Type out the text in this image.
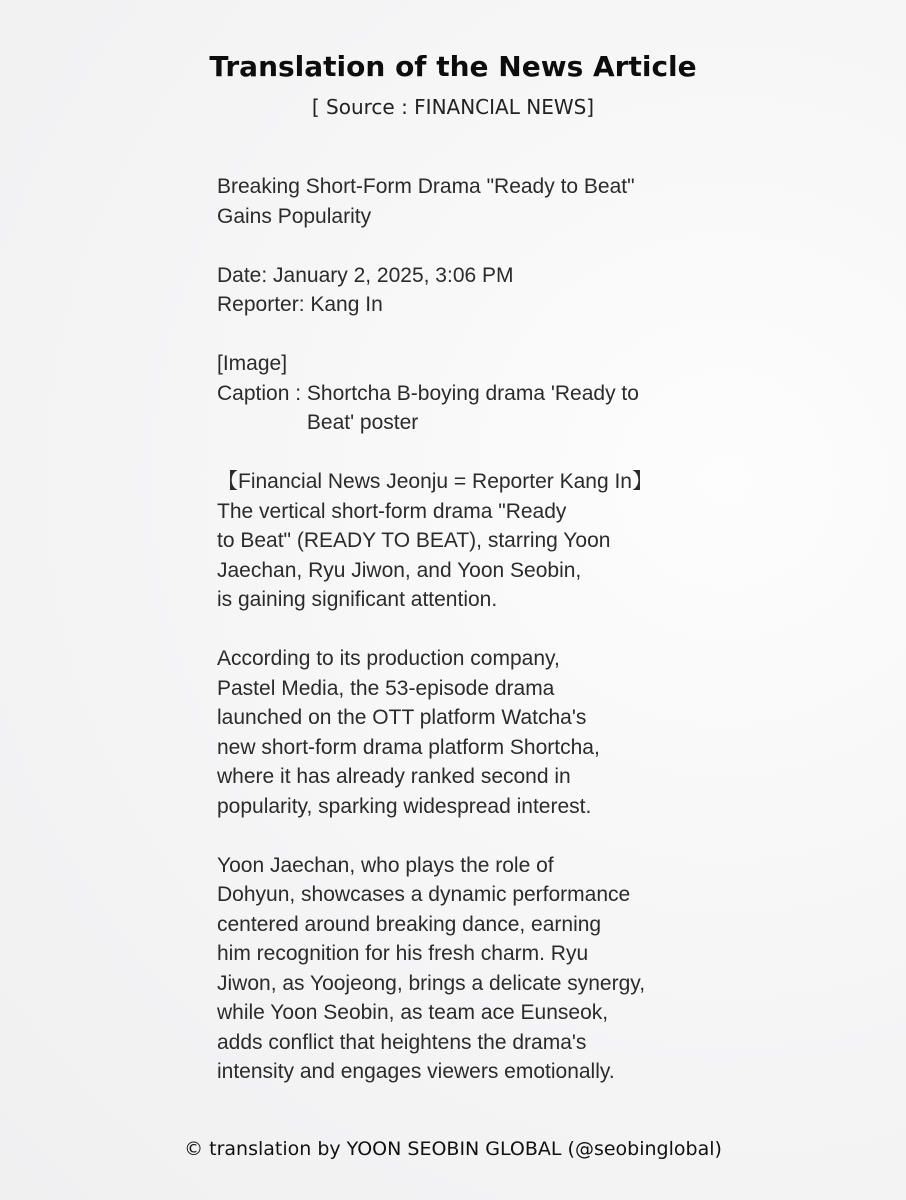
Translation of the News Article
[ Source : FINANCIAL NEWS]

Breaking Short-Form Drama "Ready to Beat"
Gains Popularity

Date: January 2, 2025, 3:06 PM
Reporter: Kang In

[Image]

Caption : Shortcha B-boying drama 'Ready to
Beat' poster

【Financial News Jeonju = Reporter Kang In】
The vertical short-form drama "Ready
to Beat" (READY TO BEAT), starring Yoon
Jaechan, Ryu Jiwon, and Yoon Seobin,
is gaining significant attention.

According to its production company,
Pastel Media, the 53-episode drama
launched on the OTT platform Watcha's
new short-form drama platform Shortcha,
where it has already ranked second in
popularity, sparking widespread interest.

Yoon Jaechan, who plays the role of
Dohyun, showcases a dynamic performance
centered around breaking dance, earning
him recognition for his fresh charm. Ryu
Jiwon, as Yoojeong, brings a delicate synergy,
while Yoon Seobin, as team ace Eunseok,
adds conflict that heightens the drama's
intensity and engages viewers emotionally.

© translation by YOON SEOBIN GLOBAL (@seobinglobal)
